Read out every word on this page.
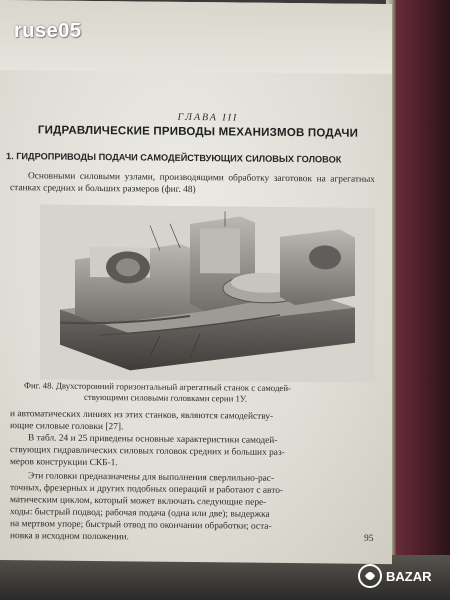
ГЛАВА III
ГИДРАВЛИЧЕСКИЕ ПРИВОДЫ МЕХАНИЗМОВ ПОДАЧИ
1. ГИДРОПРИВОДЫ ПОДАЧИ САМОДЕЙСТВУЮЩИХ СИЛОВЫХ ГОЛОВОК
Основными силовыми узлами, производящими обработку заготовок на агрегатных станках средних и больших размеров (фиг. 48)
Фиг. 48. Двухсторонний горизонтальный агрегатный станок с самодей-
ствующими силовыми головками серии 1У.
и автоматических линиях из этих станков, являются самодейству-
ющие силовые головки [27].
В табл. 24 и 25 приведены основные характеристики самодей-
ствующих гидравлических силовых головок средних и больших раз-
меров конструкции СКБ-1.
Эти головки предназначены для выполнения сверлильно-рас-
точных, фрезерных и других подобных операций и работают с авто-
матическим циклом, который может включать следующие пере-
ходы: быстрый подвод; рабочая подача (одна или две); выдержка
на мертвом упоре; быстрый отвод по окончании обработки; оста-
новка в исходном положении.	95
ruse05
BAZAR
